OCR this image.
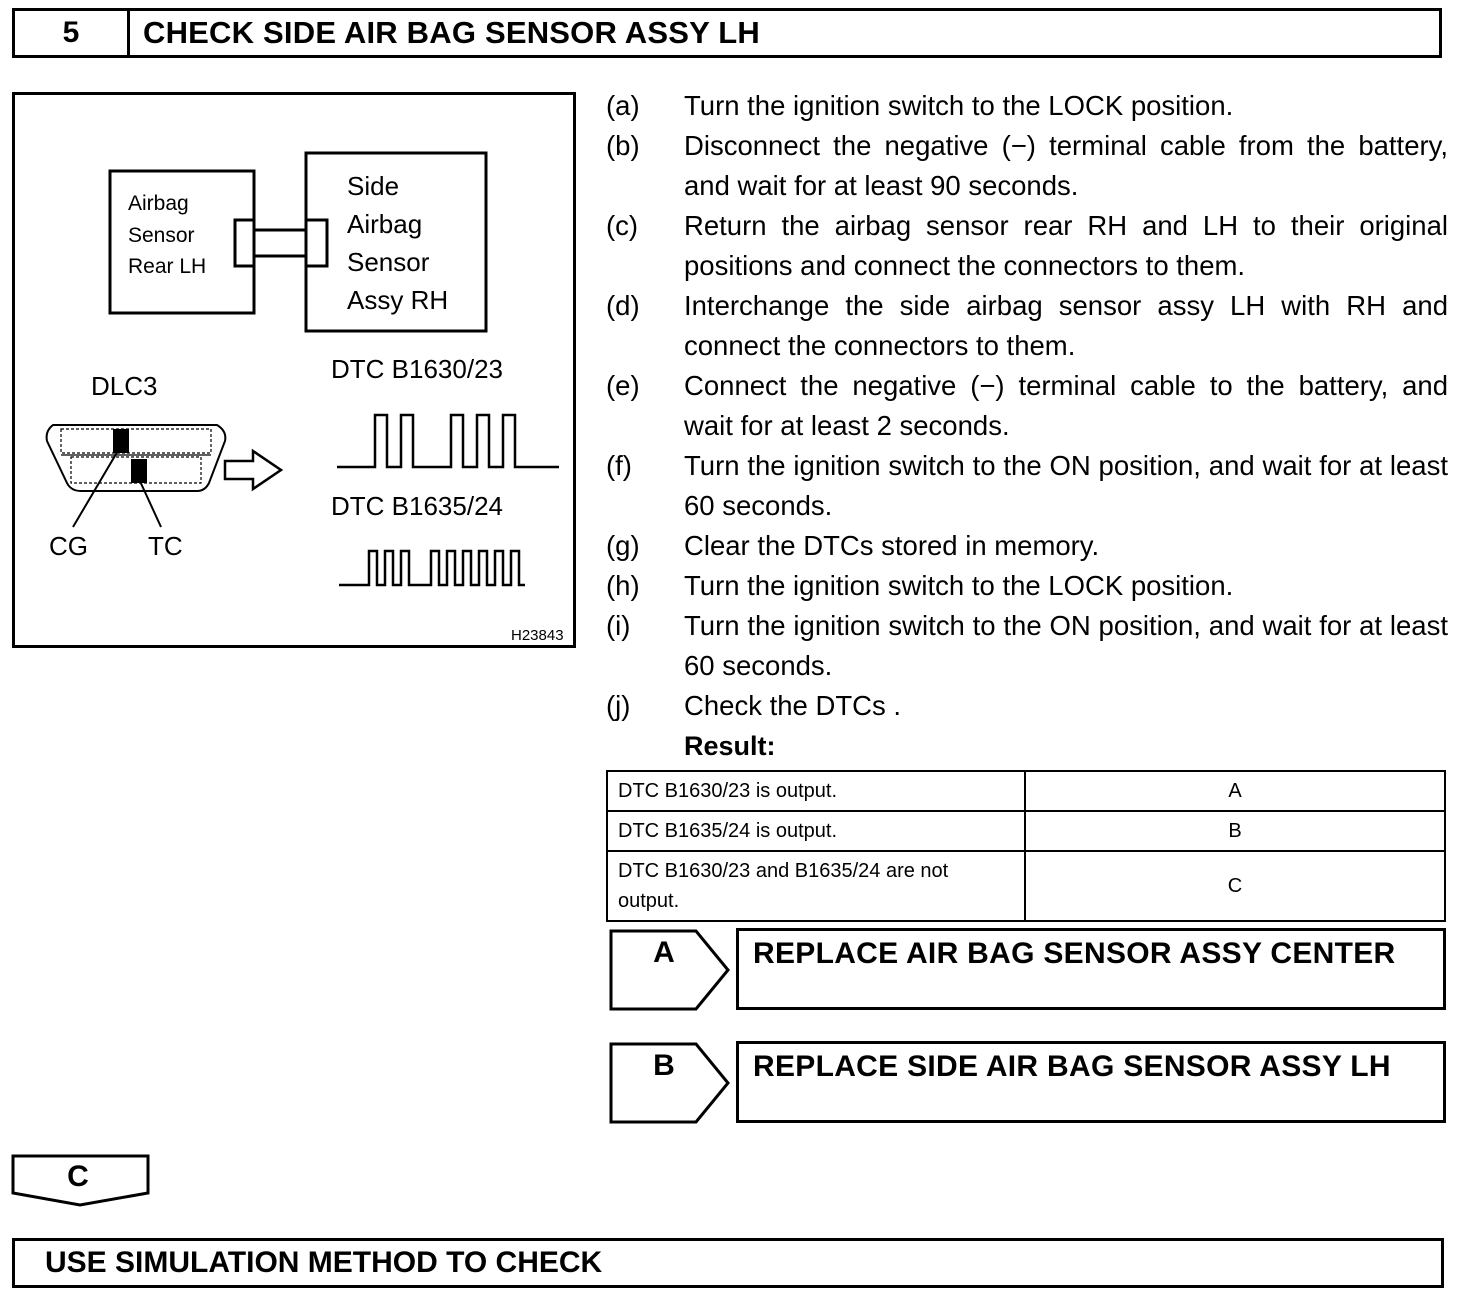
5	CHECK SIDE AIR BAG SENSOR ASSY LH
Airbag
Sensor
Rear LH
Side
Airbag
Sensor
Assy RH
DLC3
CG TC
DTC B1630/23
DTC B1635/24
H23843
(a) Turn the ignition switch to the LOCK position.
(b) Disconnect the negative (−) terminal cable from the battery, and wait for at least 90 seconds.
(c) Return the airbag sensor rear RH and LH to their original positions and connect the connectors to them.
(d) Interchange the side airbag sensor assy LH with RH and connect the connectors to them.
(e) Connect the negative (−) terminal cable to the battery, and wait for at least 2 seconds.
(f) Turn the ignition switch to the ON position, and wait for at least 60 seconds.
(g) Clear the DTCs stored in memory.
(h) Turn the ignition switch to the LOCK position.
(i) Turn the ignition switch to the ON position, and wait for at least 60 seconds.
(j) Check the DTCs .
Result:
DTC B1630/23 is output.	A
DTC B1635/24 is output.	B
DTC B1630/23 and B1635/24 are not output.	C
A	REPLACE AIR BAG SENSOR ASSY CENTER
B	REPLACE SIDE AIR BAG SENSOR ASSY LH
C
USE SIMULATION METHOD TO CHECK
